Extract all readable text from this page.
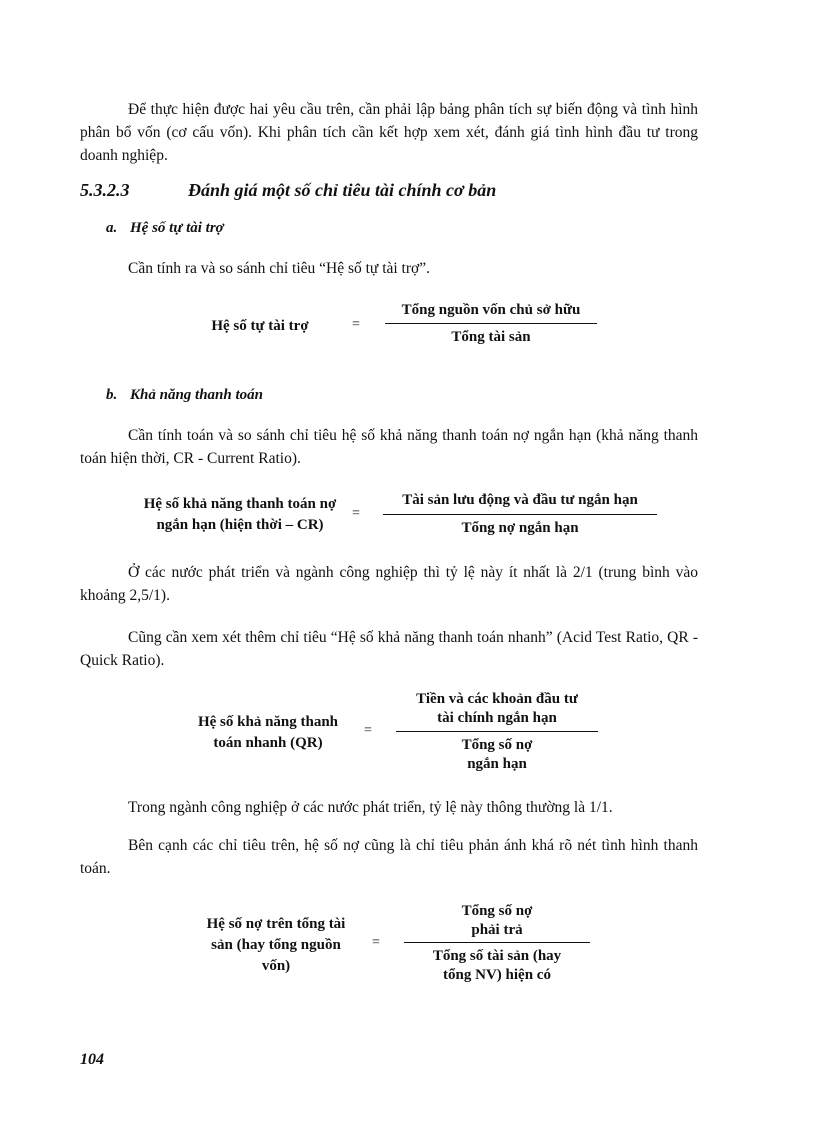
Để thực hiện được hai yêu cầu trên, cần phải lập bảng phân tích sự biến động và tình hình phân bổ vốn (cơ cấu vốn). Khi phân tích cần kết hợp xem xét, đánh giá tình hình đầu tư trong doanh nghiệp.

5.3.2.3	Đánh giá một số chỉ tiêu tài chính cơ bản
a. Hệ số tự tài trợ

Cần tính ra và so sánh chỉ tiêu “Hệ số tự tài trợ”.

Hệ số tự tài trợ	=

Tổng nguồn vốn chủ sở hữu

Tổng tài sản

b. Khả năng thanh toán

Cần tính toán và so sánh chỉ tiêu hệ số khả năng thanh toán nợ ngắn hạn (khả năng thanh toán hiện thời, CR - Current Ratio).

Hệ số khả năng thanh toán nợ
ngắn hạn (hiện thời – CR)

=

Tài sản lưu động và đầu tư ngắn hạn

Tổng nợ ngắn hạn

Ở các nước phát triển và ngành công nghiệp thì tỷ lệ này ít nhất là 2/1 (trung bình vào khoảng 2,5/1).

Cũng cần xem xét thêm chỉ tiêu “Hệ số khả năng thanh toán nhanh” (Acid Test Ratio, QR - Quick Ratio).

Hệ số khả năng thanh
toán nhanh (QR)

=

Tiền và các khoản đầu tư
tài chính ngắn hạn

Tổng số nợ
ngắn hạn

Trong ngành công nghiệp ở các nước phát triển, tỷ lệ này thông thường là 1/1.

Bên cạnh các chỉ tiêu trên, hệ số nợ cũng là chỉ tiêu phản ánh khá rõ nét tình hình thanh toán.

Hệ số nợ trên tổng tài
sản (hay tổng nguồn
vốn)

=

Tổng số nợ
phải trả

Tổng số tài sản (hay
tổng NV) hiện có

104
